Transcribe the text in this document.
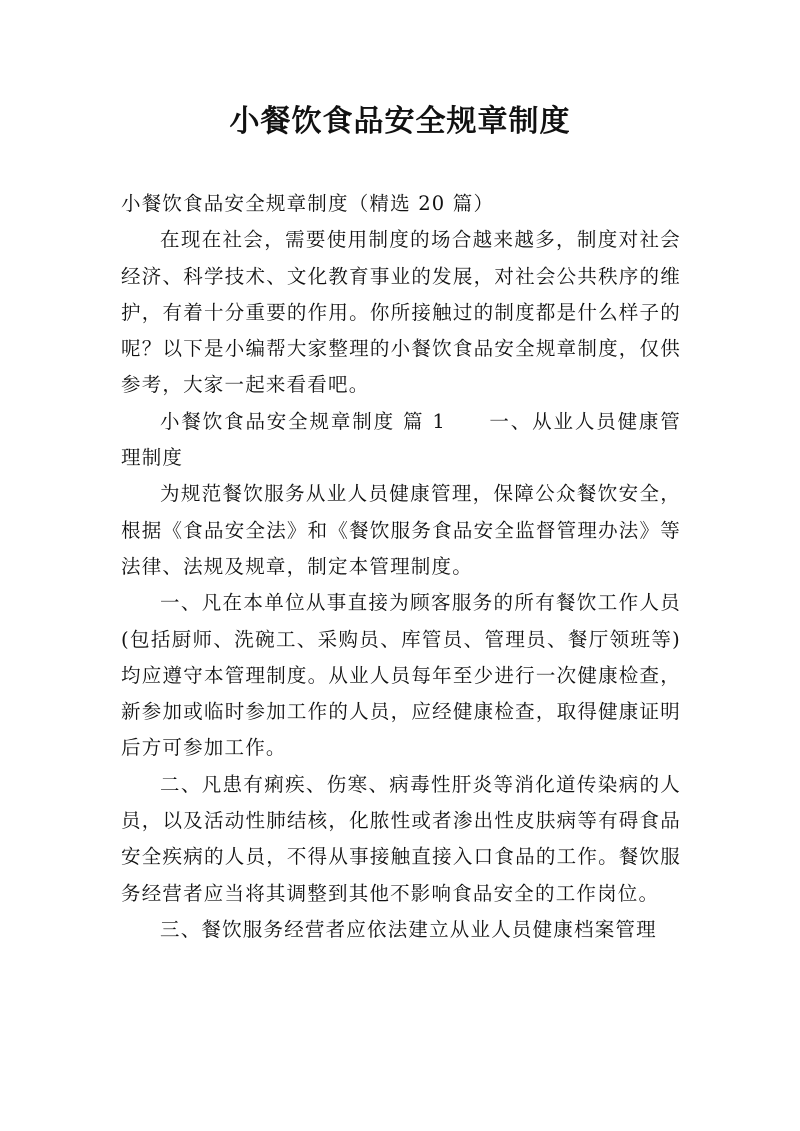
小餐饮食品安全规章制度

小餐饮食品安全规章制度（精选 20 篇）

在现在社会，需要使用制度的场合越来越多，制度对社会经济、科学技术、文化教育事业的发展，对社会公共秩序的维护，有着十分重要的作用。你所接触过的制度都是什么样子的呢？以下是小编帮大家整理的小餐饮食品安全规章制度，仅供参考，大家一起来看看吧。

小餐饮食品安全规章制度 篇 1　　一、从业人员健康管理制度

为规范餐饮服务从业人员健康管理，保障公众餐饮安全，根据《食品安全法》和《餐饮服务食品安全监督管理办法》等法律、法规及规章，制定本管理制度。

一、凡在本单位从事直接为顾客服务的所有餐饮工作人员(包括厨师、洗碗工、采购员、库管员、管理员、餐厅领班等)均应遵守本管理制度。从业人员每年至少进行一次健康检查，新参加或临时参加工作的人员，应经健康检查，取得健康证明后方可参加工作。

二、凡患有痢疾、伤寒、病毒性肝炎等消化道传染病的人员，以及活动性肺结核，化脓性或者渗出性皮肤病等有碍食品安全疾病的人员，不得从事接触直接入口食品的工作。餐饮服务经营者应当将其调整到其他不影响食品安全的工作岗位。

三、餐饮服务经营者应依法建立从业人员健康档案管理
